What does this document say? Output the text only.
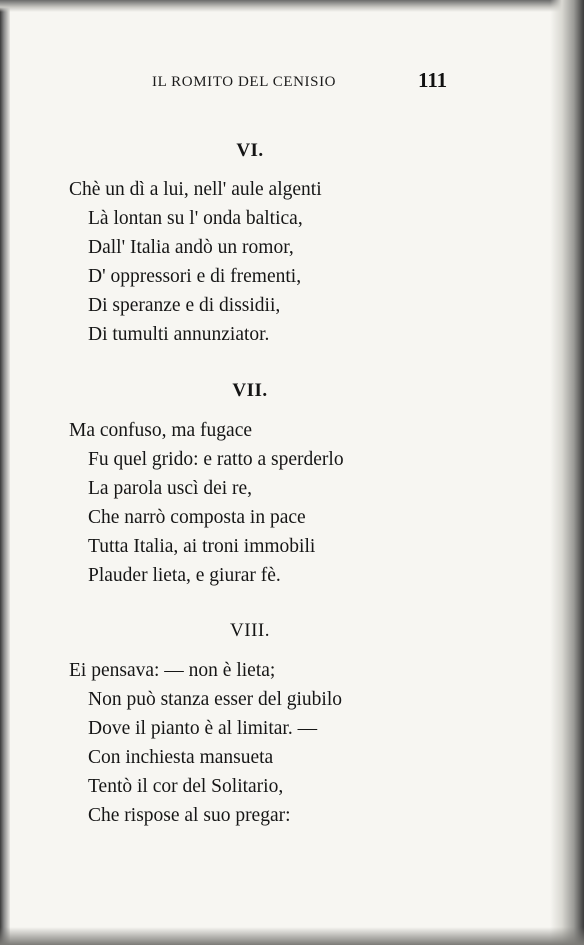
IL ROMITO DEL CENISIO	111
VI.
Chè un dì a lui, nell' aule algenti
Là lontan su l' onda baltica,
Dall' Italia andò un romor,
D' oppressori e di frementi,
Di speranze e di dissidii,
Di tumulti annunziator.
VII.
Ma confuso, ma fugace
Fu quel grido: e ratto a sperderlo
La parola uscì dei re,
Che narrò composta in pace
Tutta Italia, ai troni immobili
Plauder lieta, e giurar fè.
VIII.
Ei pensava: — non è lieta;
Non può stanza esser del giubilo
Dove il pianto è al limitar. —
Con inchiesta mansueta
Tentò il cor del Solitario,
Che rispose al suo pregar:
